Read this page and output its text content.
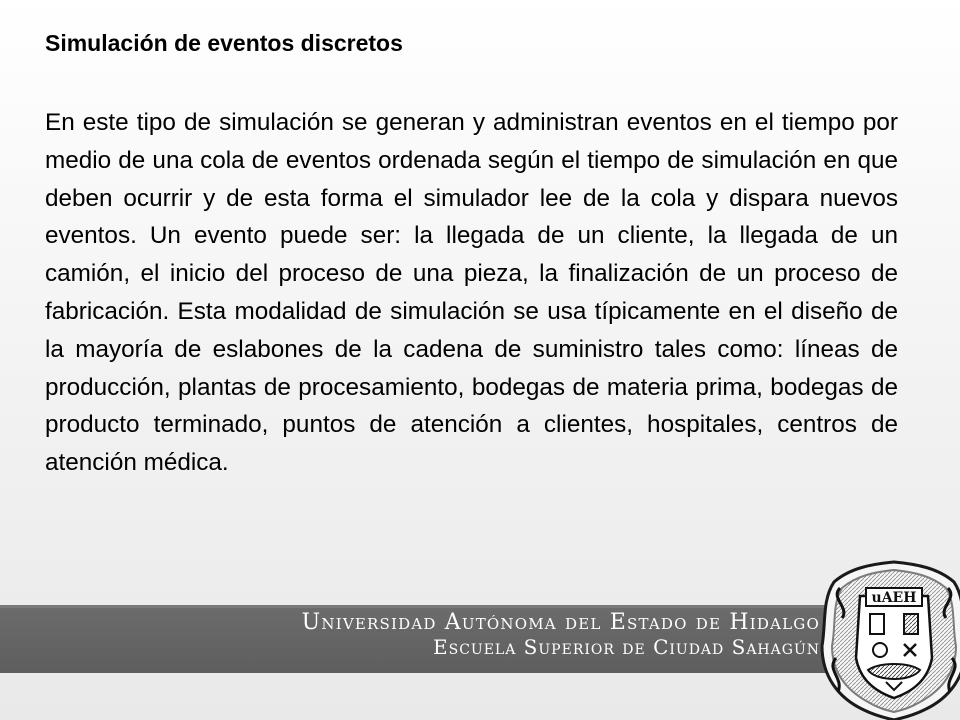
Simulación de eventos discretos
En este tipo de simulación se generan y administran eventos en el tiempo por medio de una cola de eventos ordenada según el tiempo de simulación en que deben ocurrir y de esta forma el simulador lee de la cola y dispara nuevos eventos. Un evento puede ser: la llegada de un cliente, la llegada de un camión, el inicio del proceso de una pieza, la finalización de un proceso de fabricación. Esta modalidad de simulación se usa típicamente en el diseño de la mayoría de eslabones de la cadena de suministro tales como: líneas de producción, plantas de procesamiento, bodegas de materia prima, bodegas de producto terminado, puntos de atención a clientes, hospitales, centros de atención médica.
Universidad Autónoma del Estado de Hidalgo
Escuela Superior de Ciudad Sahagún
uAEH
